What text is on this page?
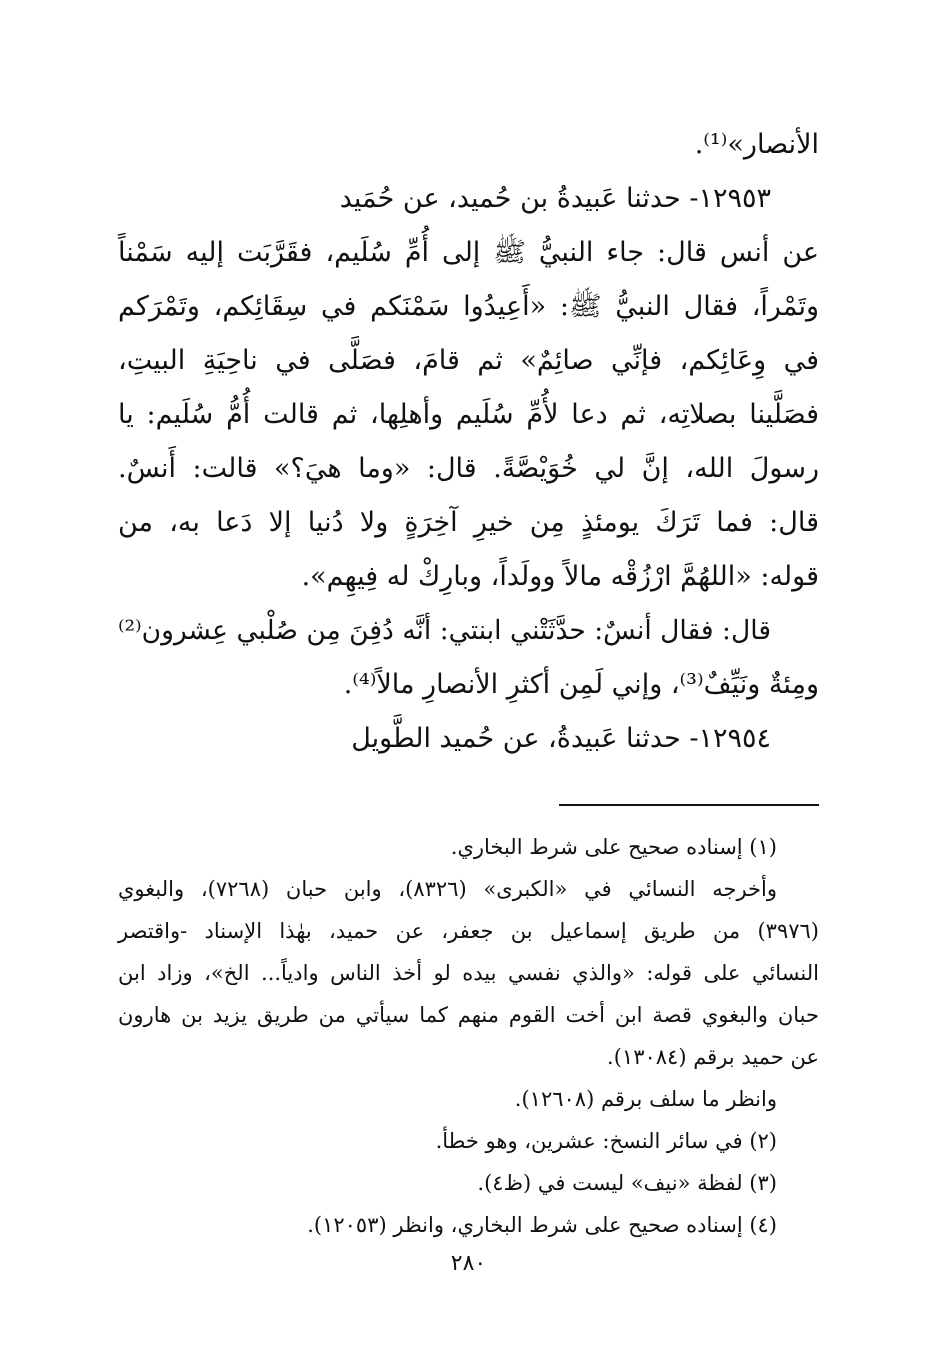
الأنصار»⁽¹⁾.
١٢٩٥٣- حدثنا عَبيدةُ بن حُميد، عن حُمَيد
عن أنس قال: جاء النبيُّ ﷺ إلى أُمِّ سُلَيم، فقَرَّبَت إليه سَمْناً
وتَمْراً، فقال النبيُّ ﷺ: «أَعِيدُوا سَمْنَكم في سِقَائِكم، وتَمْرَكم
في وِعَائِكم، فإنِّي صائِمٌ» ثم قامَ، فصَلَّى في ناحِيَةِ البيتِ،
فصَلَّينا بصلاتِه، ثم دعا لأُمِّ سُلَيم وأهلِها، ثم قالت أُمُّ سُلَيم: يا
رسولَ الله، إنَّ لي خُوَيْصَّةً. قال: «وما هيَ؟» قالت: أَنسٌ.
قال: فما تَرَكَ يومئذٍ مِن خيرِ آخِرَةٍ ولا دُنيا إلا دَعا به، من
قوله: «اللهُمَّ ارْزُقْه مالاً وولَداً، وبارِكْ له فِيهِم».
قال: فقال أنسٌ: حدَّثَتْني ابنتي: أنَّه دُفِنَ مِن صُلْبي عِشرون⁽²⁾
ومِئةٌ ونَيِّفٌ⁽³⁾، وإني لَمِن أكثرِ الأنصارِ مالاً⁽⁴⁾.
١٢٩٥٤- حدثنا عَبيدةُ، عن حُميد الطَّويل
(١) إسناده صحيح على شرط البخاري.
وأخرجه النسائي في «الكبرى» (٨٣٢٦)، وابن حبان (٧٢٦٨)، والبغوي
(٣٩٧٦) من طريق إسماعيل بن جعفر، عن حميد، بهٰذا الإسناد -واقتصر
النسائي على قوله: «والذي نفسي بيده لو أخذ الناس وادياً... الخ»، وزاد ابن
حبان والبغوي قصة ابن أخت القوم منهم كما سيأتي من طريق يزيد بن هارون
عن حميد برقم (١٣٠٨٤).
وانظر ما سلف برقم (١٢٦٠٨).
(٢) في سائر النسخ: عشرين، وهو خطأ.
(٣) لفظة «نيف» ليست في (ظ٤).
(٤) إسناده صحيح على شرط البخاري، وانظر (١٢٠٥٣).
٢٨٠
